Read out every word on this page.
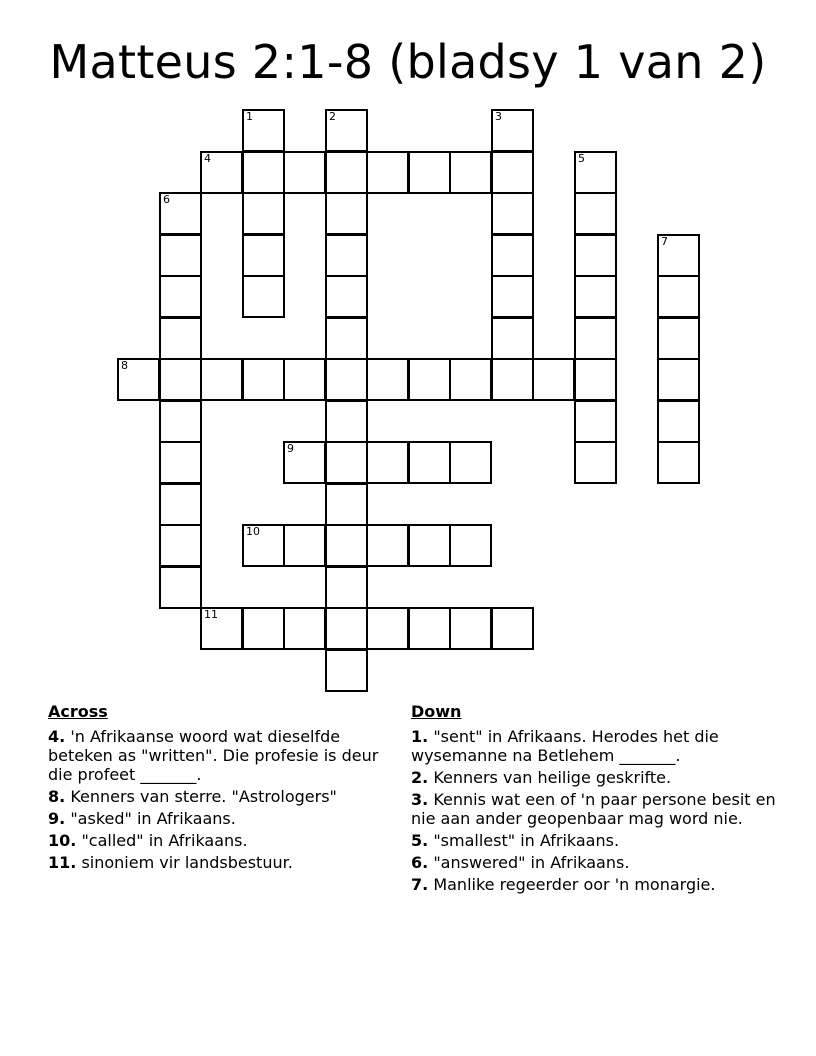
Matteus 2:1-8 (bladsy 1 van 2)
1	2	3
4	5
6
7
8
9
10
11
Across
4. 'n Afrikaanse woord wat dieselfde beteken as "written". Die profesie is deur die profeet _______.
8. Kenners van sterre. "Astrologers"
9. "asked" in Afrikaans.
10. "called" in Afrikaans.
11. sinoniem vir landsbestuur.
Down
1. "sent" in Afrikaans. Herodes het die wysemanne na Betlehem _______.
2. Kenners van heilige geskrifte.
3. Kennis wat een of 'n paar persone besit en nie aan ander geopenbaar mag word nie.
5. "smallest" in Afrikaans.
6. "answered" in Afrikaans.
7. Manlike regeerder oor 'n monargie.
